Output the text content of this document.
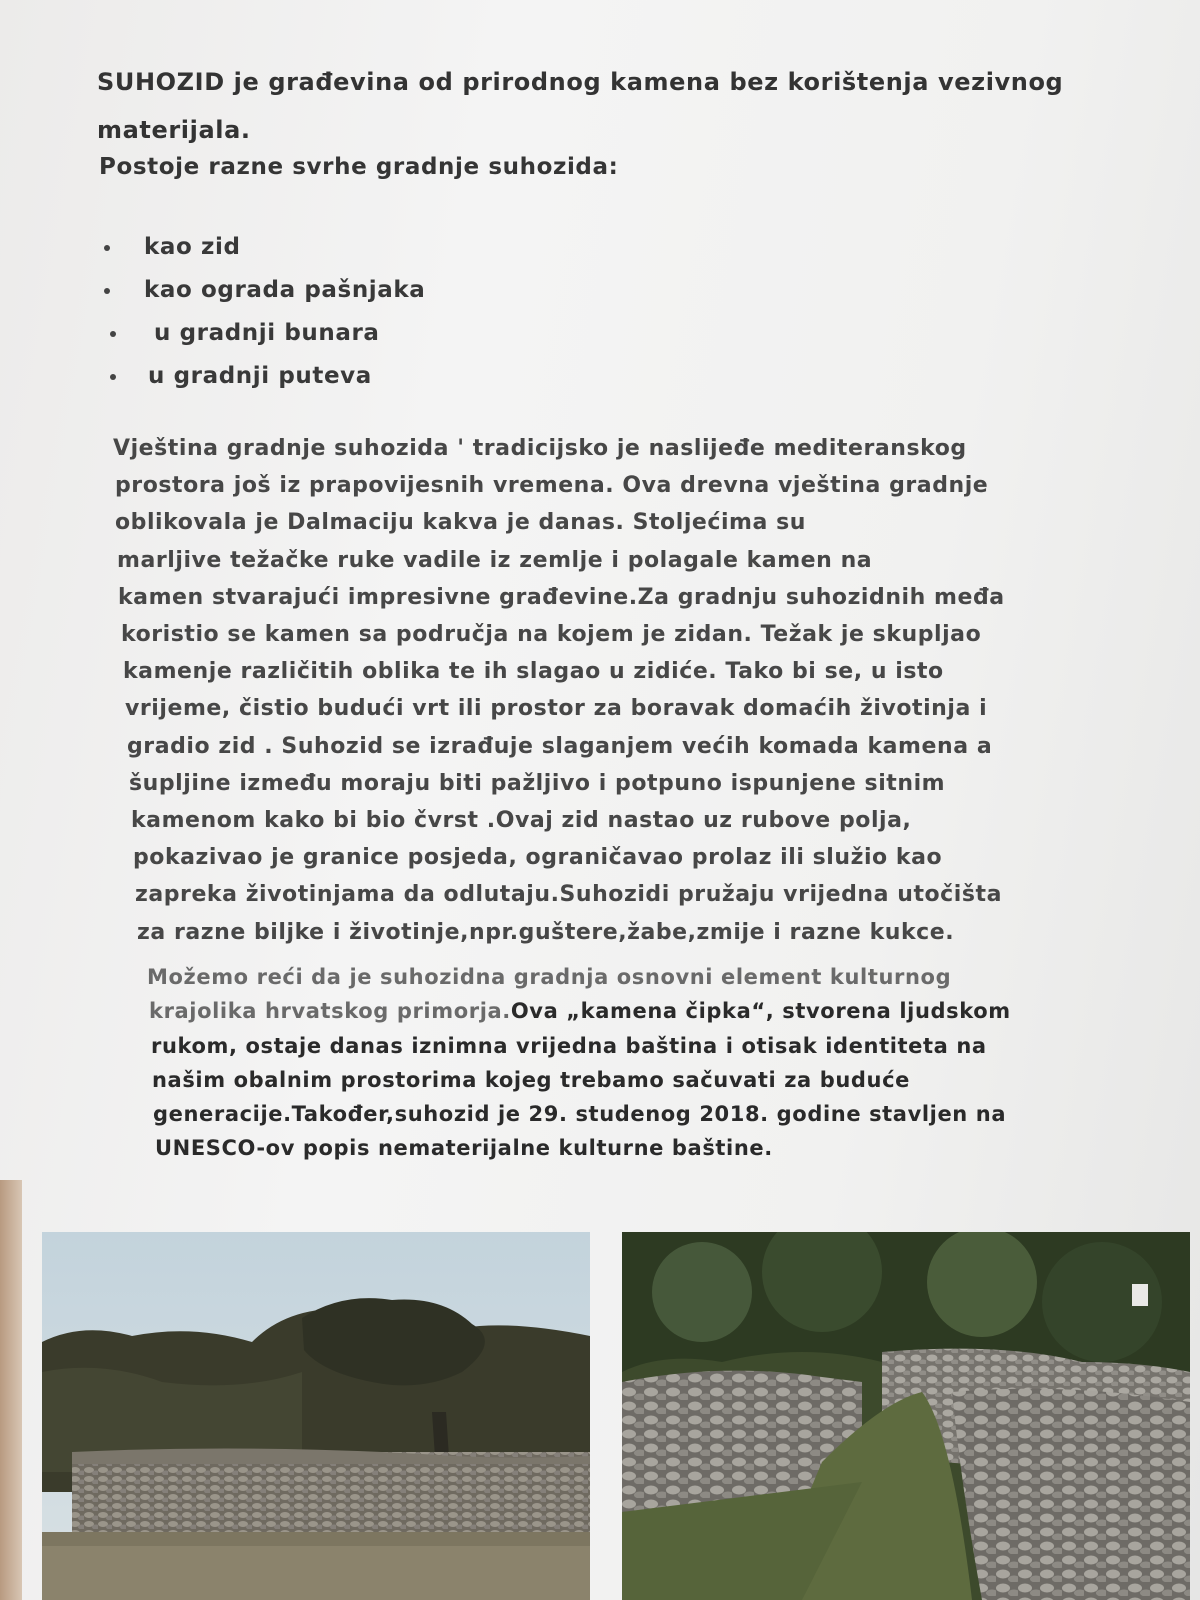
SUHOZID je građevina od prirodnog kamena bez korištenja vezivnog
materijala.
Postoje razne svrhe gradnje suhozida:
kao zid
kao ograda pašnjaka
u gradnji bunara
u gradnji puteva
Vještina gradnje suhozida ' tradicijsko je naslijeđe mediteranskog
prostora još iz prapovijesnih vremena. Ova drevna vještina gradnje
oblikovala je Dalmaciju kakva je danas. Stoljećima su
marljive težačke ruke vadile iz zemlje i polagale kamen na
kamen stvarajući impresivne građevine.Za gradnju suhozidnih međa
koristio se kamen sa područja na kojem je zidan. Težak je skupljao
kamenje različitih oblika te ih slagao u zidiće. Tako bi se, u isto
vrijeme, čistio budući vrt ili prostor za boravak domaćih životinja i
gradio zid . Suhozid se izrađuje slaganjem većih komada kamena a
šupljine između moraju biti pažljivo i potpuno ispunjene sitnim
kamenom kako bi bio čvrst .Ovaj zid nastao uz rubove polja,
pokazivao je granice posjeda, ograničavao prolaz ili služio kao
zapreka životinjama da odlutaju.Suhozidi pružaju vrijedna utočišta
za razne biljke i životinje,npr.guštere,žabe,zmije i razne kukce.
Možemo reći da je suhozidna gradnja osnovni element kulturnog
krajolika hrvatskog primorja.Ova „kamena čipka“, stvorena ljudskom
rukom, ostaje danas iznimna vrijedna baština i otisak identiteta na
našim obalnim prostorima kojeg trebamo sačuvati za buduće
generacije.Također,suhozid je 29. studenog 2018. godine stavljen na
UNESCO-ov popis nematerijalne kulturne baštine.
